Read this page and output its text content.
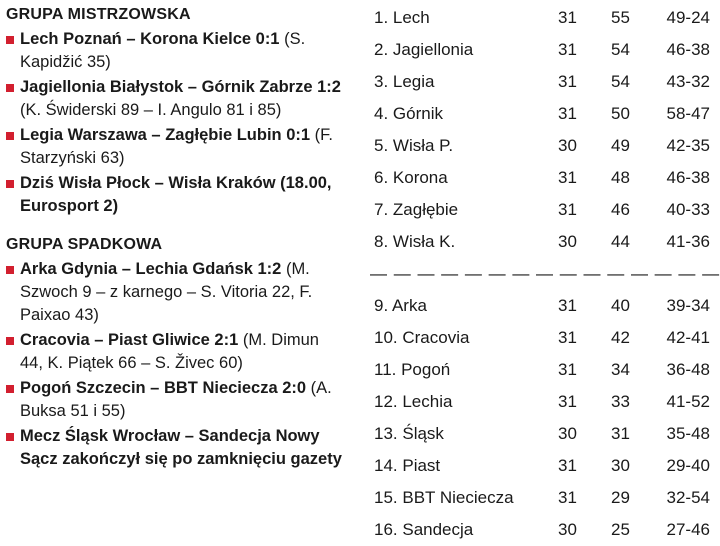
GRUPA MISTRZOWSKA
Lech Poznań – Korona Kielce 0:1 (S. Kapidžić 35)
Jagiellonia Białystok – Górnik Zabrze 1:2 (K. Świderski 89 – I. Angulo 81 i 85)
Legia Warszawa – Zagłębie Lubin 0:1 (F. Starzyński 63)
Dziś Wisła Płock – Wisła Kraków (18.00, Eurosport 2)
GRUPA SPADKOWA
Arka Gdynia – Lechia Gdańsk 1:2 (M. Szwoch 9 – z karnego – S. Vitoria 22, F. Paixao 43)
Cracovia – Piast Gliwice 2:1 (M. Dimun 44, K. Piątek 66 – S. Živec 60)
Pogoń Szczecin – BBT Nieciecza 2:0 (A. Buksa 51 i 55)
Mecz Śląsk Wrocław – Sandecja Nowy Sącz zakończył się po zamknięciu gazety
1. Lech	31 55 49-24
2. Jagiellonia	31 54 46-38
3. Legia	31 54 43-32
4. Górnik	31 50 58-47
5. Wisła P.	30 49 42-35
6. Korona	31 48 46-38
7. Zagłębie	31 46 40-33
8. Wisła K.	30 44 41-36
— — — — — — — — — — — — — — —
9. Arka	31 40 39-34
10. Cracovia	31 42 42-41
11. Pogoń	31 34 36-48
12. Lechia	31 33 41-52
13. Śląsk	30 31 35-48
14. Piast	31 30 29-40
15. BBT Nieciecza	31 29 32-54
16. Sandecja	30 25 27-46
